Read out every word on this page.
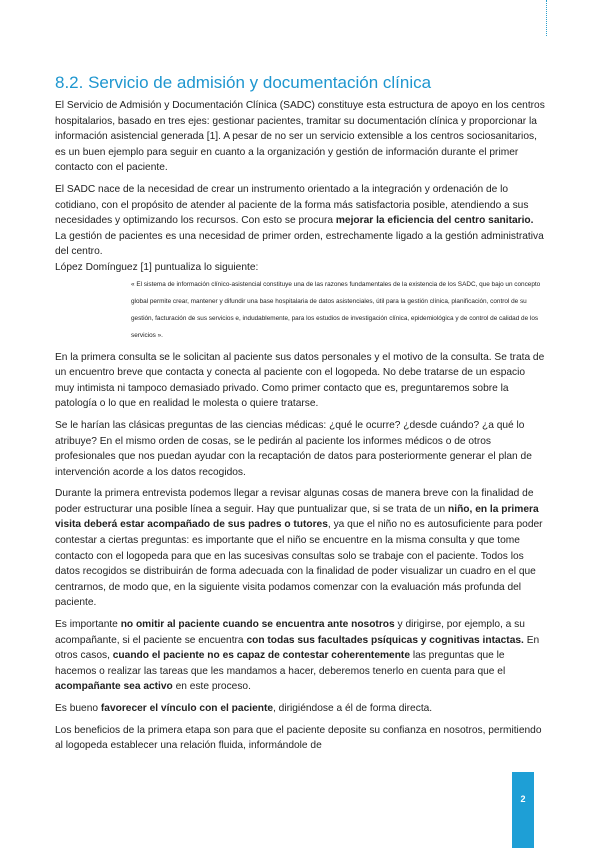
8.2. Servicio de admisión y documentación clínica
El Servicio de Admisión y Documentación Clínica (SADC) constituye esta estructura de apoyo en los centros hospitalarios, basado en tres ejes: gestionar pacientes, tramitar su documentación clínica y proporcionar la información asistencial generada [1]. A pesar de no ser un servicio extensible a los centros sociosanitarios, es un buen ejemplo para seguir en cuanto a la organización y gestión de información durante el primer contacto con el paciente.
El SADC nace de la necesidad de crear un instrumento orientado a la integración y ordenación de lo cotidiano, con el propósito de atender al paciente de la forma más satisfactoria posible, atendiendo a sus necesidades y optimizando los recursos. Con esto se procura mejorar la eficiencia del centro sanitario. La gestión de pacientes es una necesidad de primer orden, estrechamente ligado a la gestión administrativa del centro.
López Domínguez [1] puntualiza lo siguiente:
« El sistema de información clínico-asistencial constituye una de las razones fundamentales de la existencia de los SADC, que bajo un concepto global permite crear, mantener y difundir una base hospitalaria de datos asistenciales, útil para la gestión clínica, planificación, control de su gestión, facturación de sus servicios e, indudablemente, para los estudios de investigación clínica, epidemiológica y de control de calidad de los servicios ».
En la primera consulta se le solicitan al paciente sus datos personales y el motivo de la consulta. Se trata de un encuentro breve que contacta y conecta al paciente con el logopeda. No debe tratarse de un espacio muy intimista ni tampoco demasiado privado. Como primer contacto que es, preguntaremos sobre la patología o lo que en realidad le molesta o quiere tratarse.
Se le harían las clásicas preguntas de las ciencias médicas: ¿qué le ocurre? ¿desde cuándo? ¿a qué lo atribuye? En el mismo orden de cosas, se le pedirán al paciente los informes médicos o de otros profesionales que nos puedan ayudar con la recaptación de datos para posteriormente generar el plan de intervención acorde a los datos recogidos.
Durante la primera entrevista podemos llegar a revisar algunas cosas de manera breve con la finalidad de poder estructurar una posible línea a seguir. Hay que puntualizar que, si se trata de un niño, en la primera visita deberá estar acompañado de sus padres o tutores, ya que el niño no es autosuficiente para poder contestar a ciertas preguntas: es importante que el niño se encuentre en la misma consulta y que tome contacto con el logopeda para que en las sucesivas consultas solo se trabaje con el paciente. Todos los datos recogidos se distribuirán de forma adecuada con la finalidad de poder visualizar un cuadro en el que centrarnos, de modo que, en la siguiente visita podamos comenzar con la evaluación más profunda del paciente.
Es importante no omitir al paciente cuando se encuentra ante nosotros y dirigirse, por ejemplo, a su acompañante, si el paciente se encuentra con todas sus facultades psíquicas y cognitivas intactas. En otros casos, cuando el paciente no es capaz de contestar coherentemente las preguntas que le hacemos o realizar las tareas que les mandamos a hacer, deberemos tenerlo en cuenta para que el acompañante sea activo en este proceso.
Es bueno favorecer el vínculo con el paciente, dirigiéndose a él de forma directa.
Los beneficios de la primera etapa son para que el paciente deposite su confianza en nosotros, permitiendo al logopeda establecer una relación fluida, informándole de
2
